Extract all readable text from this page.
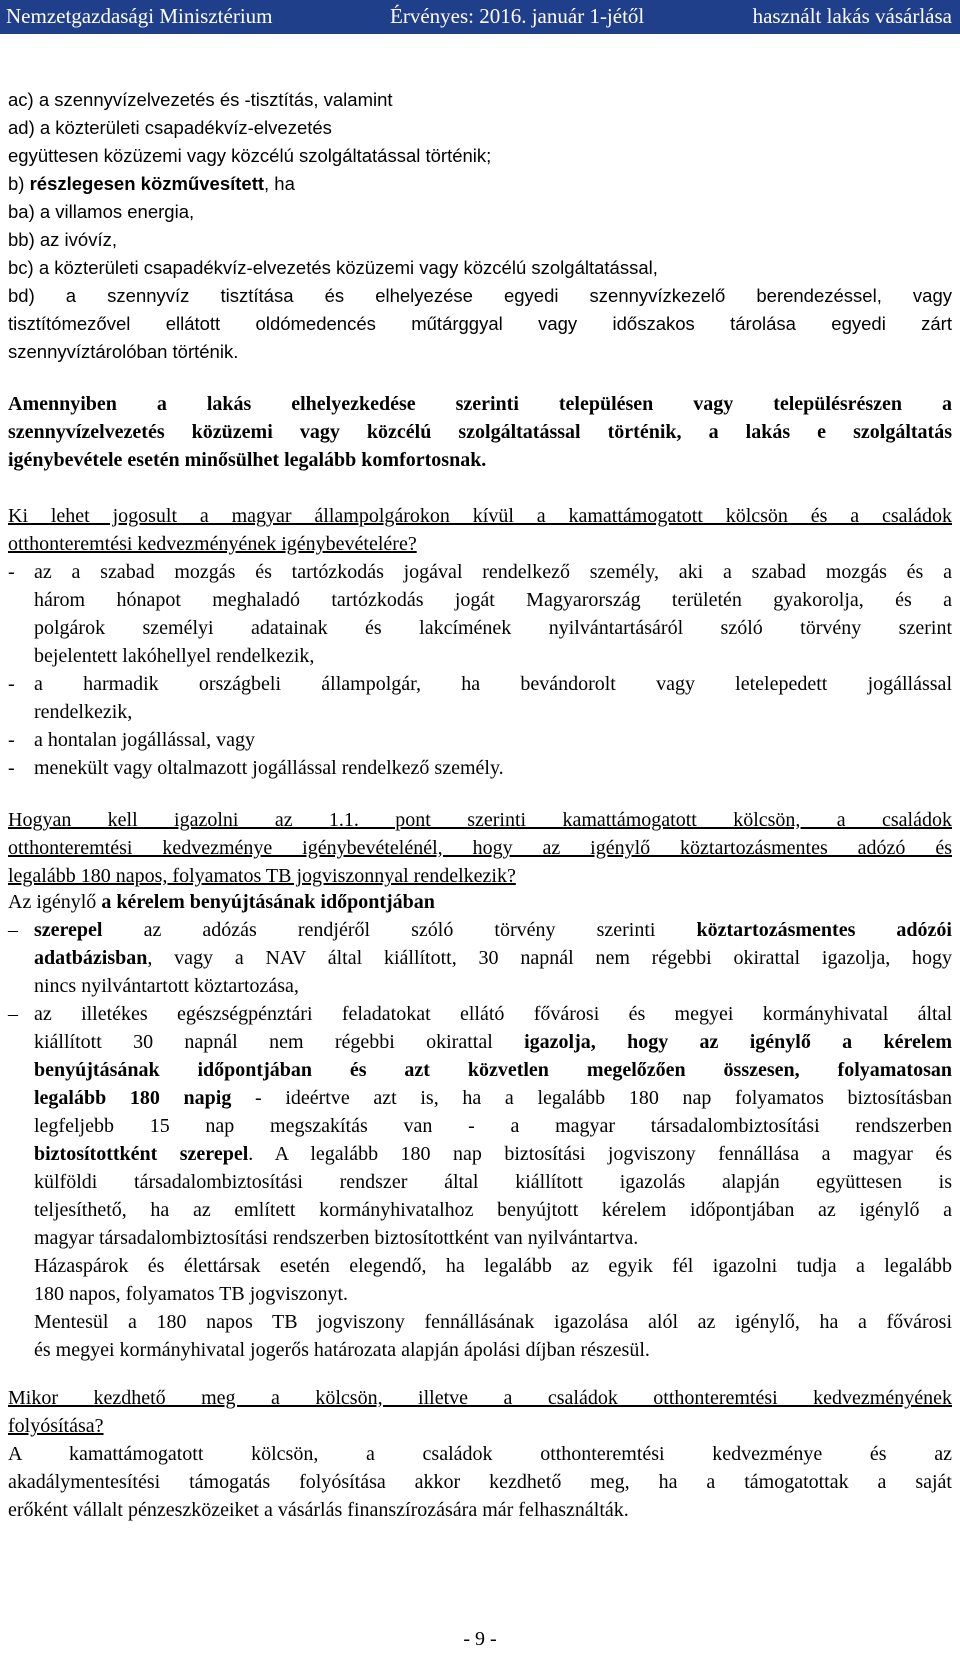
Nemzetgazdasági Minisztérium	Érvényes: 2016. január 1-jétől	használt lakás vásárlása
ac) a szennyvízelvezetés és -tisztítás, valamint
ad) a közterületi csapadékvíz-elvezetés
együttesen közüzemi vagy közcélú szolgáltatással történik;
b) részlegesen közművesített, ha
ba) a villamos energia,
bb) az ivóvíz,
bc) a közterületi csapadékvíz-elvezetés közüzemi vagy közcélú szolgáltatással,
bd) a szennyvíz tisztítása és elhelyezése egyedi szennyvízkezelő berendezéssel, vagy
tisztítómezővel ellátott oldómedencés műtárggyal vagy időszakos tárolása egyedi zárt
szennyvíztárolóban történik.
Amennyiben a lakás elhelyezkedése szerinti településen vagy településrészen a
szennyvízelvezetés közüzemi vagy közcélú szolgáltatással történik, a lakás e szolgáltatás
igénybevétele esetén minősülhet legalább komfortosnak.
Ki lehet jogosult a magyar állampolgárokon kívül a kamattámogatott kölcsön és a családok
otthonteremtési kedvezményének igénybevételére?
- az a szabad mozgás és tartózkodás jogával rendelkező személy, aki a szabad mozgás és a
három hónapot meghaladó tartózkodás jogát Magyarország területén gyakorolja, és a
polgárok személyi adatainak és lakcímének nyilvántartásáról szóló törvény szerint
bejelentett lakóhellyel rendelkezik,
- a harmadik országbeli állampolgár, ha bevándorolt vagy letelepedett jogállással
rendelkezik,
- a hontalan jogállással, vagy
- menekült vagy oltalmazott jogállással rendelkező személy.
Hogyan kell igazolni az 1.1. pont szerinti kamattámogatott kölcsön, a családok
otthonteremtési kedvezménye igénybevételénél, hogy az igénylő köztartozásmentes adózó és
legalább 180 napos, folyamatos TB jogviszonnyal rendelkezik?
Az igénylő a kérelem benyújtásának időpontjában
– szerepel az adózás rendjéről szóló törvény szerinti köztartozásmentes adózói
adatbázisban, vagy a NAV által kiállított, 30 napnál nem régebbi okirattal igazolja, hogy
nincs nyilvántartott köztartozása,
– az illetékes egészségpénztári feladatokat ellátó fővárosi és megyei kormányhivatal által
kiállított 30 napnál nem régebbi okirattal igazolja, hogy az igénylő a kérelem
benyújtásának időpontjában és azt közvetlen megelőzően összesen, folyamatosan
legalább 180 napig - ideértve azt is, ha a legalább 180 nap folyamatos biztosításban
legfeljebb 15 nap megszakítás van - a magyar társadalombiztosítási rendszerben
biztosítottként szerepel. A legalább 180 nap biztosítási jogviszony fennállása a magyar és
külföldi társadalombiztosítási rendszer által kiállított igazolás alapján együttesen is
teljesíthető, ha az említett kormányhivatalhoz benyújtott kérelem időpontjában az igénylő a
magyar társadalombiztosítási rendszerben biztosítottként van nyilvántartva.
Házaspárok és élettársak esetén elegendő, ha legalább az egyik fél igazolni tudja a legalább
180 napos, folyamatos TB jogviszonyt.
Mentesül a 180 napos TB jogviszony fennállásának igazolása alól az igénylő, ha a fővárosi
és megyei kormányhivatal jogerős határozata alapján ápolási díjban részesül.
Mikor kezdhető meg a kölcsön, illetve a családok otthonteremtési kedvezményének
folyósítása?
A kamattámogatott kölcsön, a családok otthonteremtési kedvezménye és az
akadálymentesítési támogatás folyósítása akkor kezdhető meg, ha a támogatottak a saját
erőként vállalt pénzeszközeiket a vásárlás finanszírozására már felhasználták.
- 9 -
